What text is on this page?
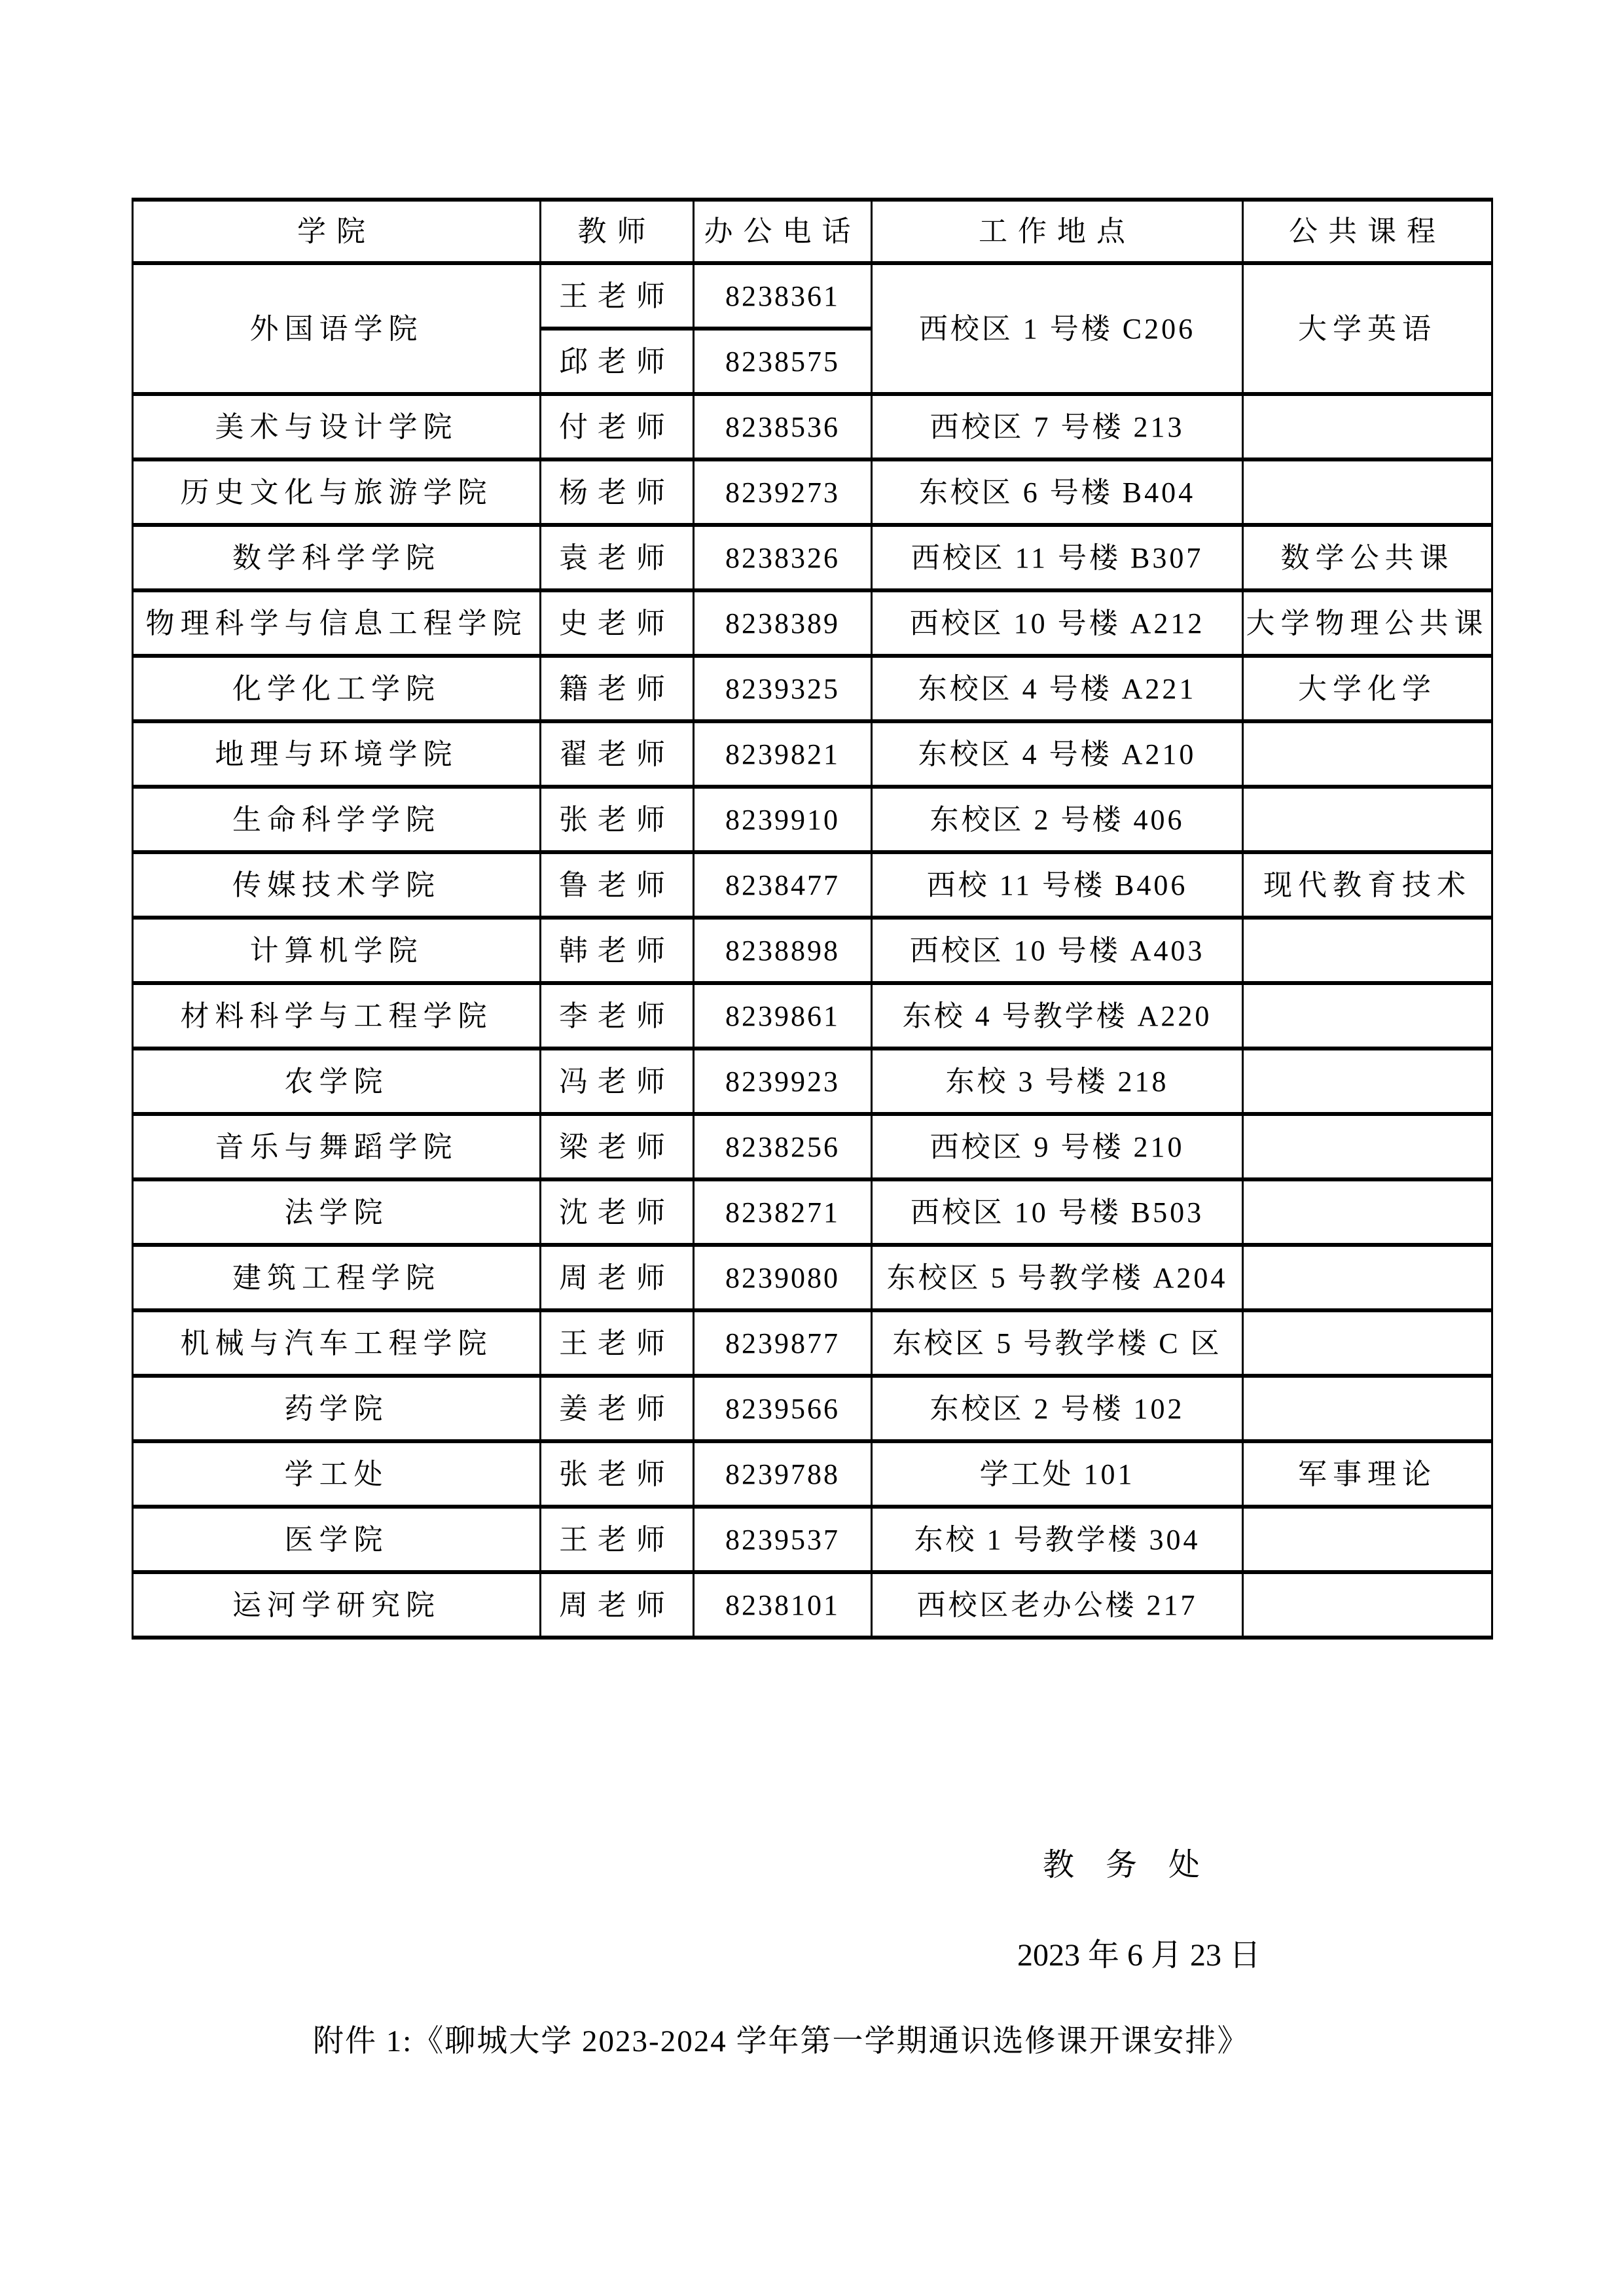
学院	教师	办公电话	工作地点	公共课程
外国语学院	王老师	8238361	西校区 1 号楼 C206	大学英语
	邱老师	8238575		
美术与设计学院	付老师	8238536	西校区 7 号楼 213	
历史文化与旅游学院	杨老师	8239273	东校区 6 号楼 B404	
数学科学学院	袁老师	8238326	西校区 11 号楼 B307	数学公共课
物理科学与信息工程学院	史老师	8238389	西校区 10 号楼 A212	大学物理公共课
化学化工学院	籍老师	8239325	东校区 4 号楼 A221	大学化学
地理与环境学院	翟老师	8239821	东校区 4 号楼 A210	
生命科学学院	张老师	8239910	东校区 2 号楼 406	
传媒技术学院	鲁老师	8238477	西校 11 号楼 B406	现代教育技术
计算机学院	韩老师	8238898	西校区 10 号楼 A403	
材料科学与工程学院	李老师	8239861	东校 4 号教学楼 A220	
农学院	冯老师	8239923	东校 3 号楼 218	
音乐与舞蹈学院	梁老师	8238256	西校区 9 号楼 210	
法学院	沈老师	8238271	西校区 10 号楼 B503	
建筑工程学院	周老师	8239080	东校区 5 号教学楼 A204	
机械与汽车工程学院	王老师	8239877	东校区 5 号教学楼 C 区	
药学院	姜老师	8239566	东校区 2 号楼 102	
学工处	张老师	8239788	学工处 101	军事理论
医学院	王老师	8239537	东校 1 号教学楼 304	
运河学研究院	周老师	8238101	西校区老办公楼 217	
教　务　处
2023 年 6 月 23 日
附件 1:《聊城大学 2023-2024 学年第一学期通识选修课开课安排》
